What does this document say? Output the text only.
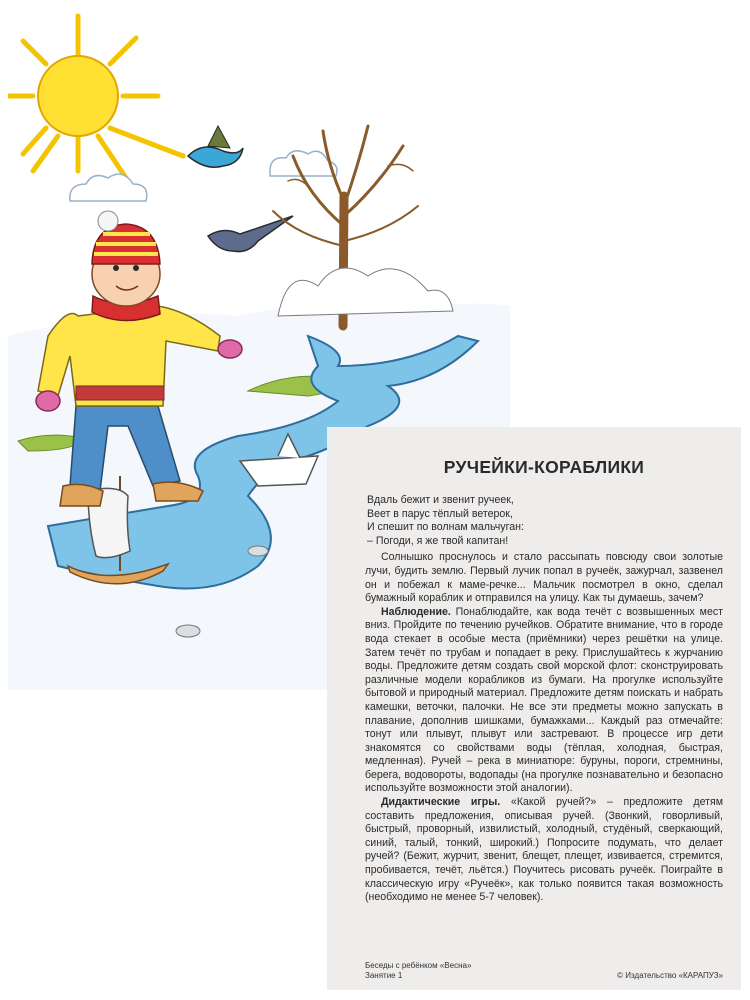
РУЧЕЙКИ-КОРАБЛИКИ
Вдаль бежит и звенит ручеек,
Веет в парус тёплый ветерок,
И спешит по волнам мальчуган:
– Погоди, я же твой капитан!

Солнышко проснулось и стало рассыпать повсюду свои золотые лучи, будить землю. Первый лучик попал в ручеёк, зажурчал, зазвенел он и побежал к маме-речке... Мальчик посмотрел в окно, сделал бумажный кораблик и отправился на улицу. Как ты думаешь, зачем?

Наблюдение. Понаблюдайте, как вода течёт с возвышенных мест вниз. Пройдите по течению ручейков. Обратите внимание, что в городе вода стекает в особые места (приёмники) через решётки на улице. Затем течёт по трубам и попадает в реку. Прислушайтесь к журчанию воды. Предложите детям создать свой морской флот: сконструировать различные модели корабликов из бумаги. На прогулке используйте бытовой и природный материал. Предложите детям поискать и набрать камешки, веточки, палочки. Не все эти предметы можно запускать в плавание, дополнив шишками, бумажками... Каждый раз отмечайте: тонут или плывут, плывут или застревают. В процессе игр дети знакомятся со свойствами воды (тёплая, холодная, быстрая, медленная). Ручей – река в миниатюре: буруны, пороги, стремнины, берега, водовороты, водопады (на прогулке познавательно и безопасно используйте возможности этой аналогии).

Дидактические игры. «Какой ручей?» – предложите детям составить предложения, описывая ручей. (Звонкий, говорливый, быстрый, проворный, извилистый, холодный, студёный, сверкающий, синий, талый, тонкий, широкий.) Попросите подумать, что делает ручей? (Бежит, журчит, звенит, блещет, плещет, извивается, стремится, пробивается, течёт, льётся.) Поучитесь рисовать ручеёк. Поиграйте в классическую игру «Ручеёк», как только появится такая возможность (необходимо не менее 5-7 человек).

Беседы с ребёнком «Весна»
Занятие 1	© Издательство «КАРАПУЗ»
